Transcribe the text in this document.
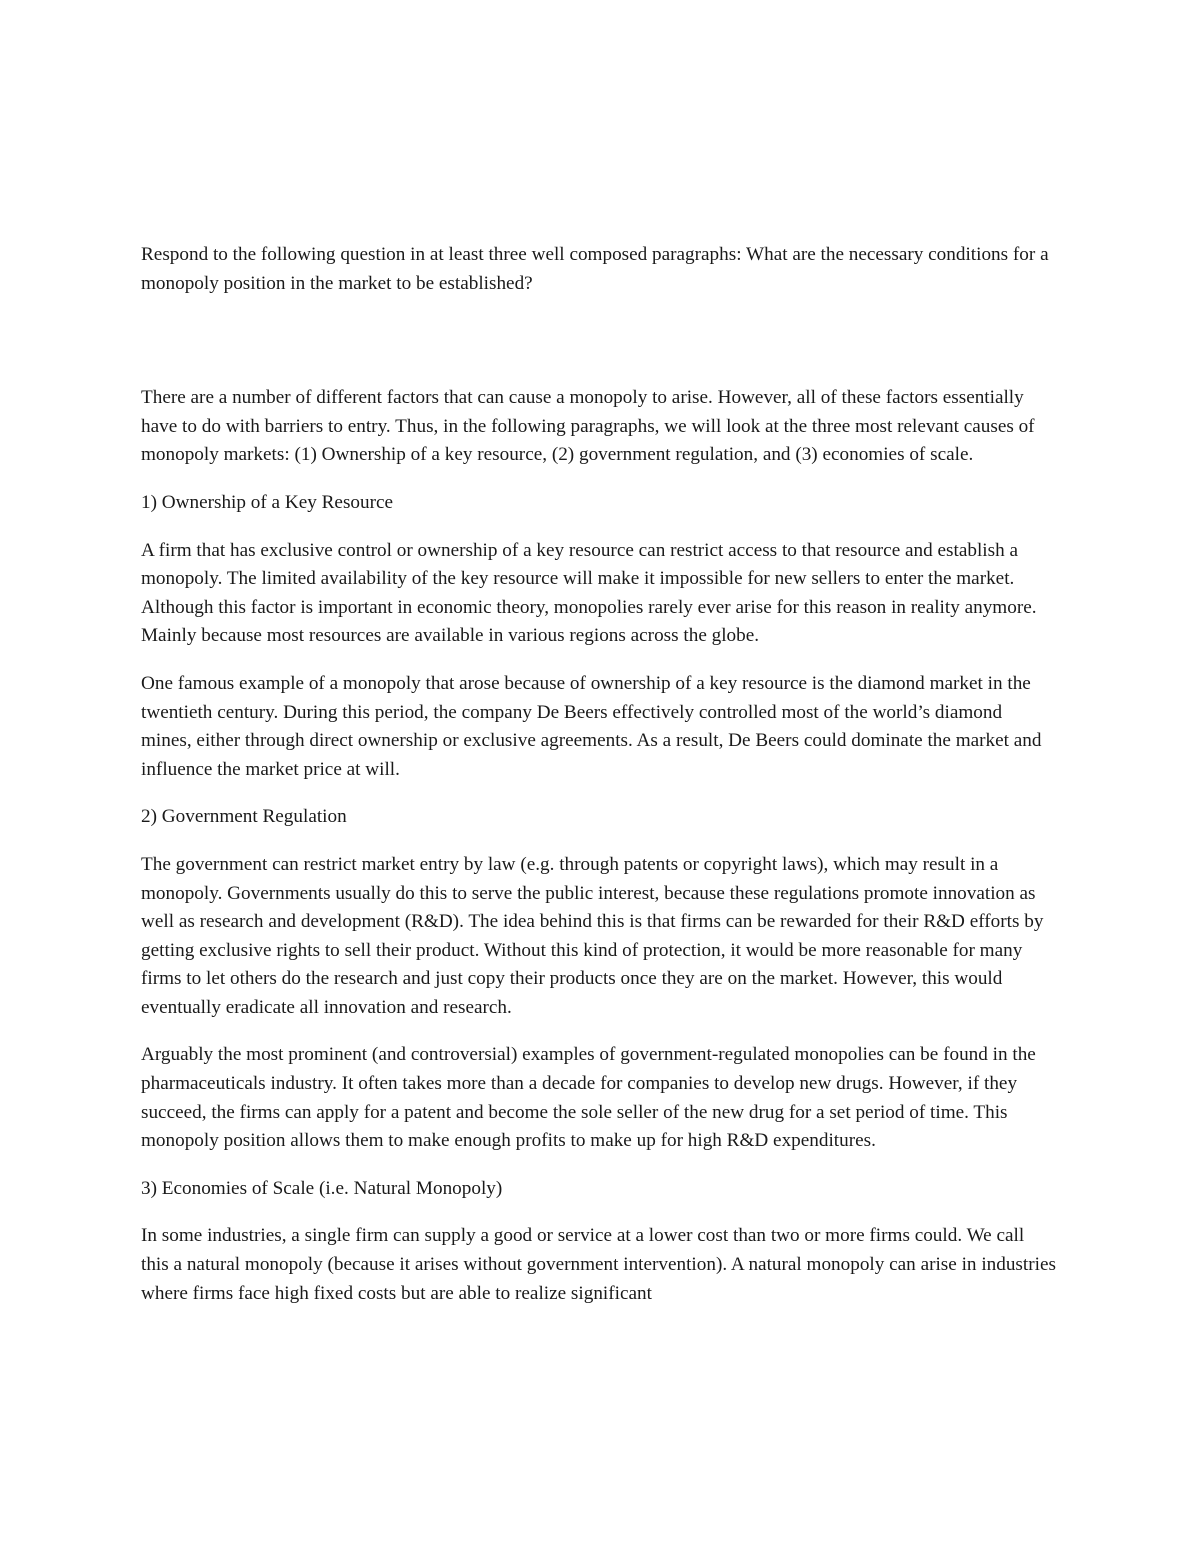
Respond to the following question in at least three well composed paragraphs: What are the necessary conditions for a monopoly position in the market to be established?

There are a number of different factors that can cause a monopoly to arise. However, all of these factors essentially have to do with barriers to entry. Thus, in the following paragraphs, we will look at the three most relevant causes of monopoly markets: (1) Ownership of a key resource, (2) government regulation, and (3) economies of scale.

1) Ownership of a Key Resource

A firm that has exclusive control or ownership of a key resource can restrict access to that resource and establish a monopoly. The limited availability of the key resource will make it impossible for new sellers to enter the market. Although this factor is important in economic theory, monopolies rarely ever arise for this reason in reality anymore. Mainly because most resources are available in various regions across the globe.

One famous example of a monopoly that arose because of ownership of a key resource is the diamond market in the twentieth century. During this period, the company De Beers effectively controlled most of the world’s diamond mines, either through direct ownership or exclusive agreements. As a result, De Beers could dominate the market and influence the market price at will.

2) Government Regulation

The government can restrict market entry by law (e.g. through patents or copyright laws), which may result in a monopoly. Governments usually do this to serve the public interest, because these regulations promote innovation as well as research and development (R&D). The idea behind this is that firms can be rewarded for their R&D efforts by getting exclusive rights to sell their product. Without this kind of protection, it would be more reasonable for many firms to let others do the research and just copy their products once they are on the market. However, this would eventually eradicate all innovation and research.

Arguably the most prominent (and controversial) examples of government-regulated monopolies can be found in the pharmaceuticals industry. It often takes more than a decade for companies to develop new drugs. However, if they succeed, the firms can apply for a patent and become the sole seller of the new drug for a set period of time. This monopoly position allows them to make enough profits to make up for high R&D expenditures.

3) Economies of Scale (i.e. Natural Monopoly)

In some industries, a single firm can supply a good or service at a lower cost than two or more firms could. We call this a natural monopoly (because it arises without government intervention). A natural monopoly can arise in industries where firms face high fixed costs but are able to realize significant
